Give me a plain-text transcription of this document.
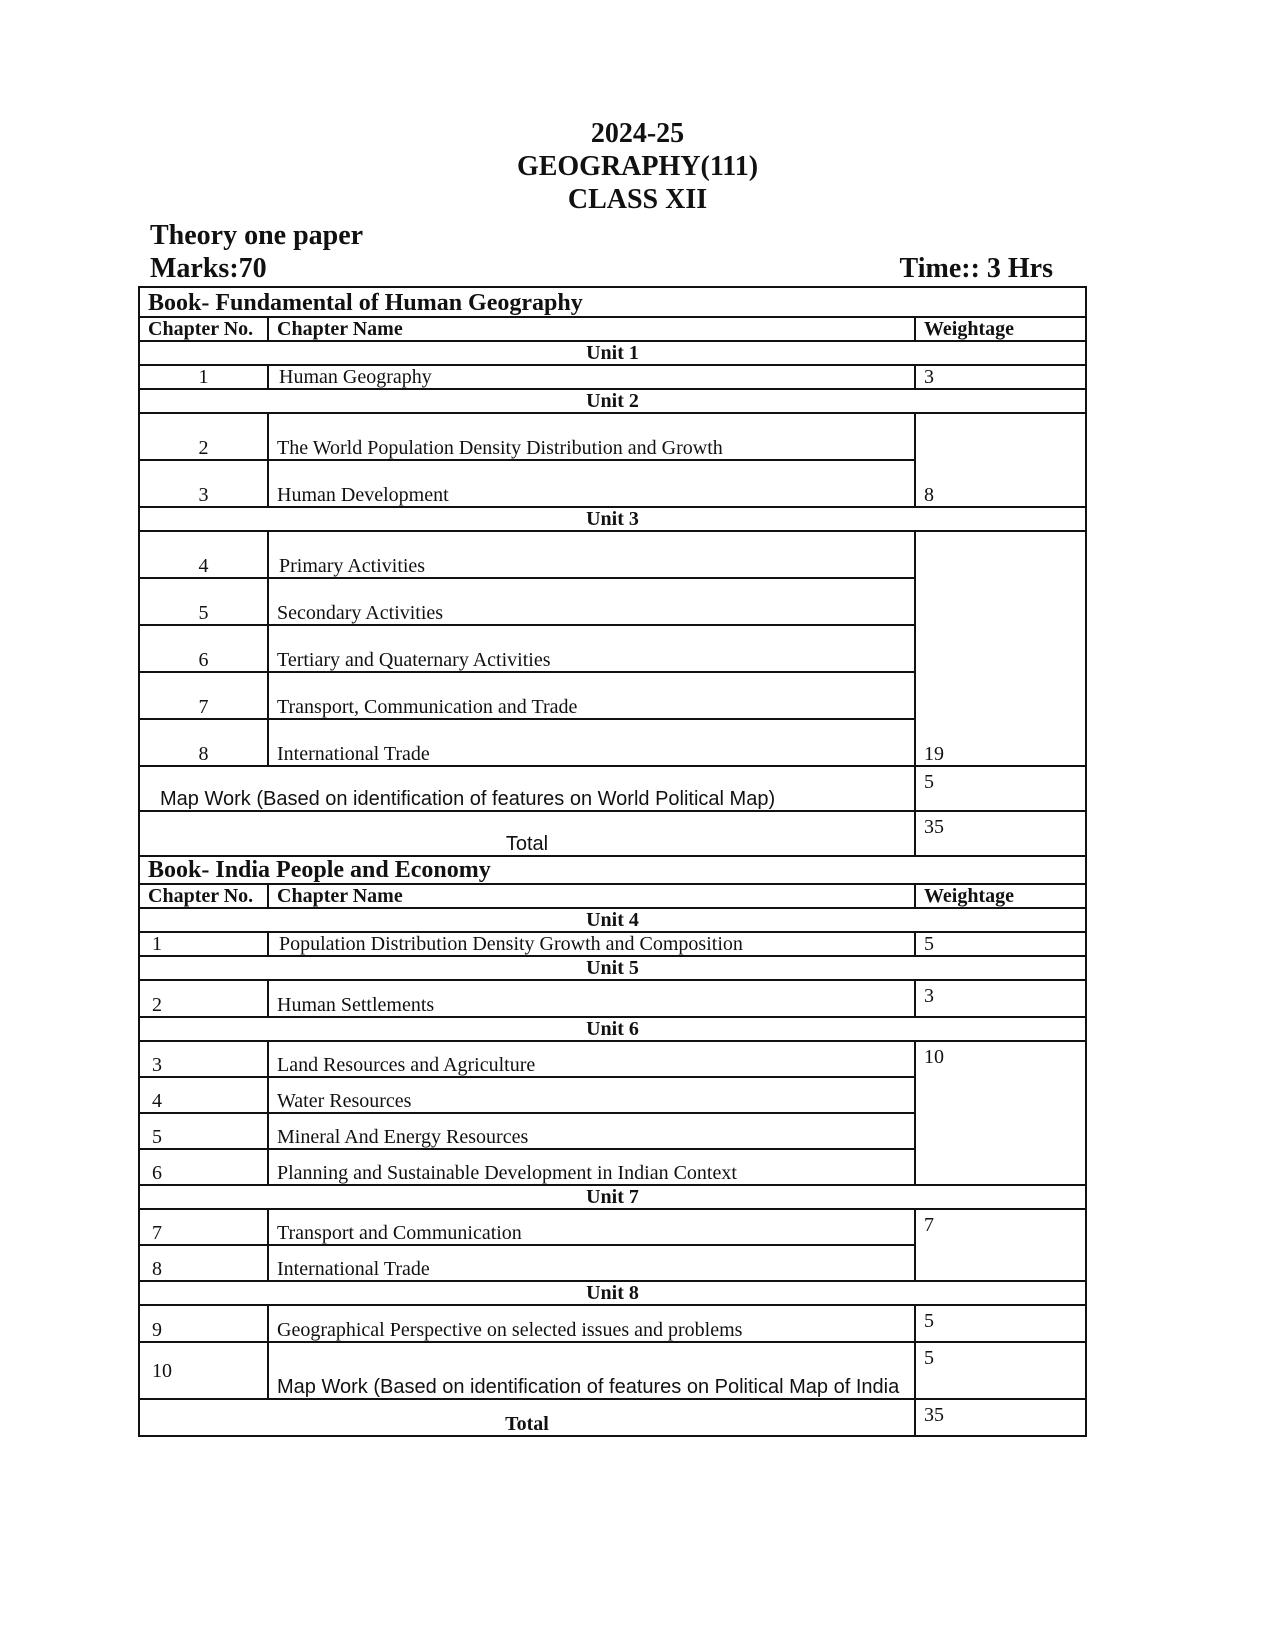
2024-25
GEOGRAPHY(111)
CLASS XII
Theory one paper
Marks:70	Time:: 3 Hrs
Book- Fundamental of Human Geography		
Chapter No.	Chapter Name	Weightage
Unit 1		
1	Human Geography	3
Unit 2		
2	The World Population Density Distribution and Growth	8
3	Human Development	
Unit 3		
4	Primary Activities	19
5	Secondary Activities	
6	Tertiary and Quaternary Activities	
7	Transport, Communication and Trade	
8	International Trade	
Map Work (Based on identification of features on World Political Map)		5
Total		35
Book- India People and Economy		
Chapter No.	Chapter Name	Weightage
Unit 4		
1	Population Distribution Density Growth and Composition	5
Unit 5		
2	Human Settlements	3
Unit 6		
3	Land Resources and Agriculture	10
4	Water Resources	
5	Mineral And Energy Resources	
6	Planning and Sustainable Development in Indian Context	
Unit 7		
7	Transport and Communication	7
8	International Trade	
Unit 8		
9	Geographical Perspective on selected issues and problems	5
10	Map Work (Based on identification of features on Political Map of India	5
Total		35
